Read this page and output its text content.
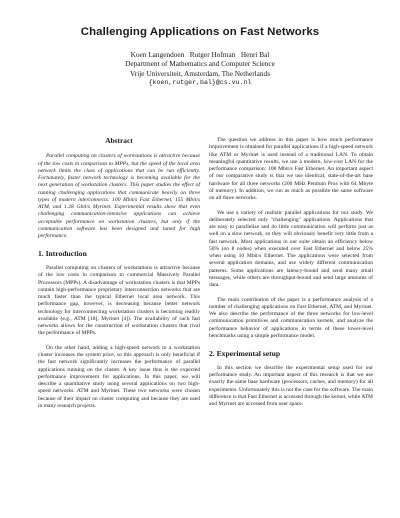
Challenging Applications on Fast Networks
Koen Langendoen   Rutger Hofman   Henri Bal
Department of Mathematics and Computer Science
Vrije Universiteit, Amsterdam, The Netherlands
{koen,rutger,bal}@cs.vu.nl
Abstract

Parallel computing on clusters of workstations is attractive because of the low costs in comparison to MPPs, but the speed of the local area network limits the class of applications that can be run efficiently. Fortunately, faster network technology is becoming available for the next generation of workstation clusters. This paper studies the effect of running challenging applications that communicate heavily on three types of modern interconnects: 100 Mbit/s Fast Ethernet, 155 Mbit/s ATM, and 1.28 Gbit/s Myrinet. Experimental results show that even challenging communication-intensive applications can achieve acceptable performance on workstation clusters, but only if the communication software has been designed and tuned for high performance.

1. Introduction

Parallel computing on clusters of workstations is attractive because of the low costs in comparison to commercial Massively Parallel Processors (MPPs). A disadvantage of workstation clusters is that MPPs contain high-performance proprietary interconnection networks that are much faster than the typical Ethernet local area network. This performance gap, however, is decreasing because better network technology for interconnecting workstation clusters is becoming readily available (e.g., ATM [18], Myrinet [4]). The availability of such fast networks allows for the construction of workstation clusters that rival the performance of MPPs.

On the other hand, adding a high-speed network to a workstation cluster increases the system price, so this approach is only beneficial if the fast network significantly increases the performance of parallel applications running on the cluster. A key issue thus is the expected performance improvement for applications. In this paper, we will describe a quantitative study using several applications on two high-speed networks: ATM and Myrinet. These two networks were chosen because of their impact on cluster computing and because they are used in many research projects.

The question we address in this paper is how much performance improvement is obtained for parallel applications if a high-speed network like ATM or Myrinet is used instead of a traditional LAN. To obtain meaningful quantitative results, we use a modern, low-cost LAN for the performance comparison: 100 Mbit/s Fast Ethernet. An important aspect of our comparative study is that we use identical, state-of-the-art base hardware for all three networks (200 MHz Pentium Pros with 64 Mbyte of memory). In addition, we run as much as possible the same software on all three networks.

We use a variety of realistic parallel applications for our study. We deliberately selected only "challenging" applications. Applications that are easy to parallelize and do little communication will perform just as well on a slow network, so they will obviously benefit very little from a fast network. Most applications in our suite obtain an efficiency below 50% (on 8 nodes) when executed over Fast Ethernet and below 25% when using 10 Mbit/s Ethernet. The applications were selected from several application domains, and use widely different communication patterns. Some applications are latency-bound and send many small messages, while others are throughput-bound and send large amounts of data.

The main contribution of the paper is a performance analysis of a number of challenging applications on Fast Ethernet, ATM, and Myrinet. We also describe the performance of the three networks for low-level communication primitives and communication kernels, and analyze the performance behavior of applications in terms of these lower-level benchmarks using a simple performance model.

2. Experimental setup

In this section we describe the experimental setup used for our performance study. An important aspect of this research is that we use exactly the same base hardware (processors, caches, and memory) for all experiments. Unfortunately this is not the case for the software. The main difference is that Fast Ethernet is accessed through the kernel, while ATM and Myrinet are accessed from user space.
